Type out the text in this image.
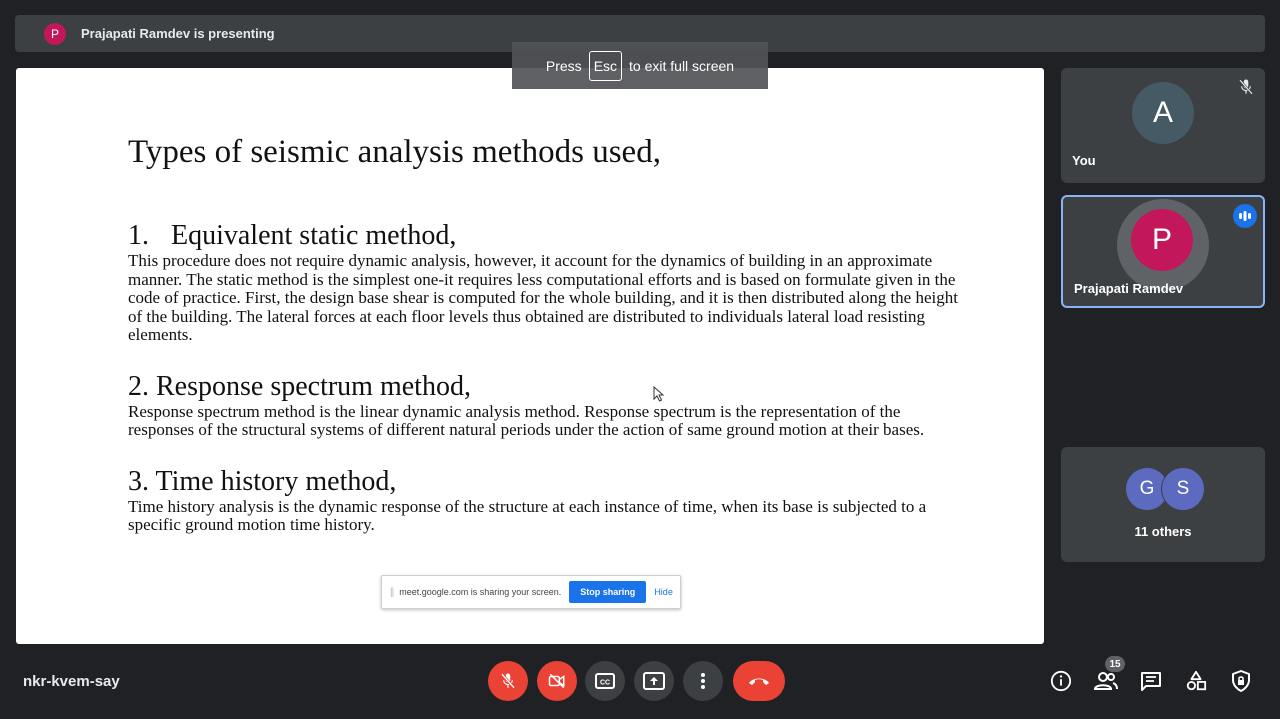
P	Prajapati Ramdev is presenting
Types of seismic analysis methods used,
1. Equivalent static method,

This procedure does not require dynamic analysis, however, it account for the dynamics of building in an approximate manner. The static method is the simplest one-it requires less computational efforts and is based on formulate given in the code of practice. First, the design base shear is computed for the whole building, and it is then distributed along the height of the building. The lateral forces at each floor levels thus obtained are distributed to individuals lateral load resisting elements.

2. Response spectrum method,

Response spectrum method is the linear dynamic analysis method. Response spectrum is the representation of the responses of the structural systems of different natural periods under the action of same ground motion at their bases.

3. Time history method,

Time history analysis is the dynamic response of the structure at each instance of time, when its base is subjected to a specific ground motion time history.

|| meet.google.com is sharing your screen.	Stop sharing	Hide
Press Esc to exit full screen
A
You
P
Prajapati Ramdev
G	S
11 others
nkr-kvem-say	CC
15
